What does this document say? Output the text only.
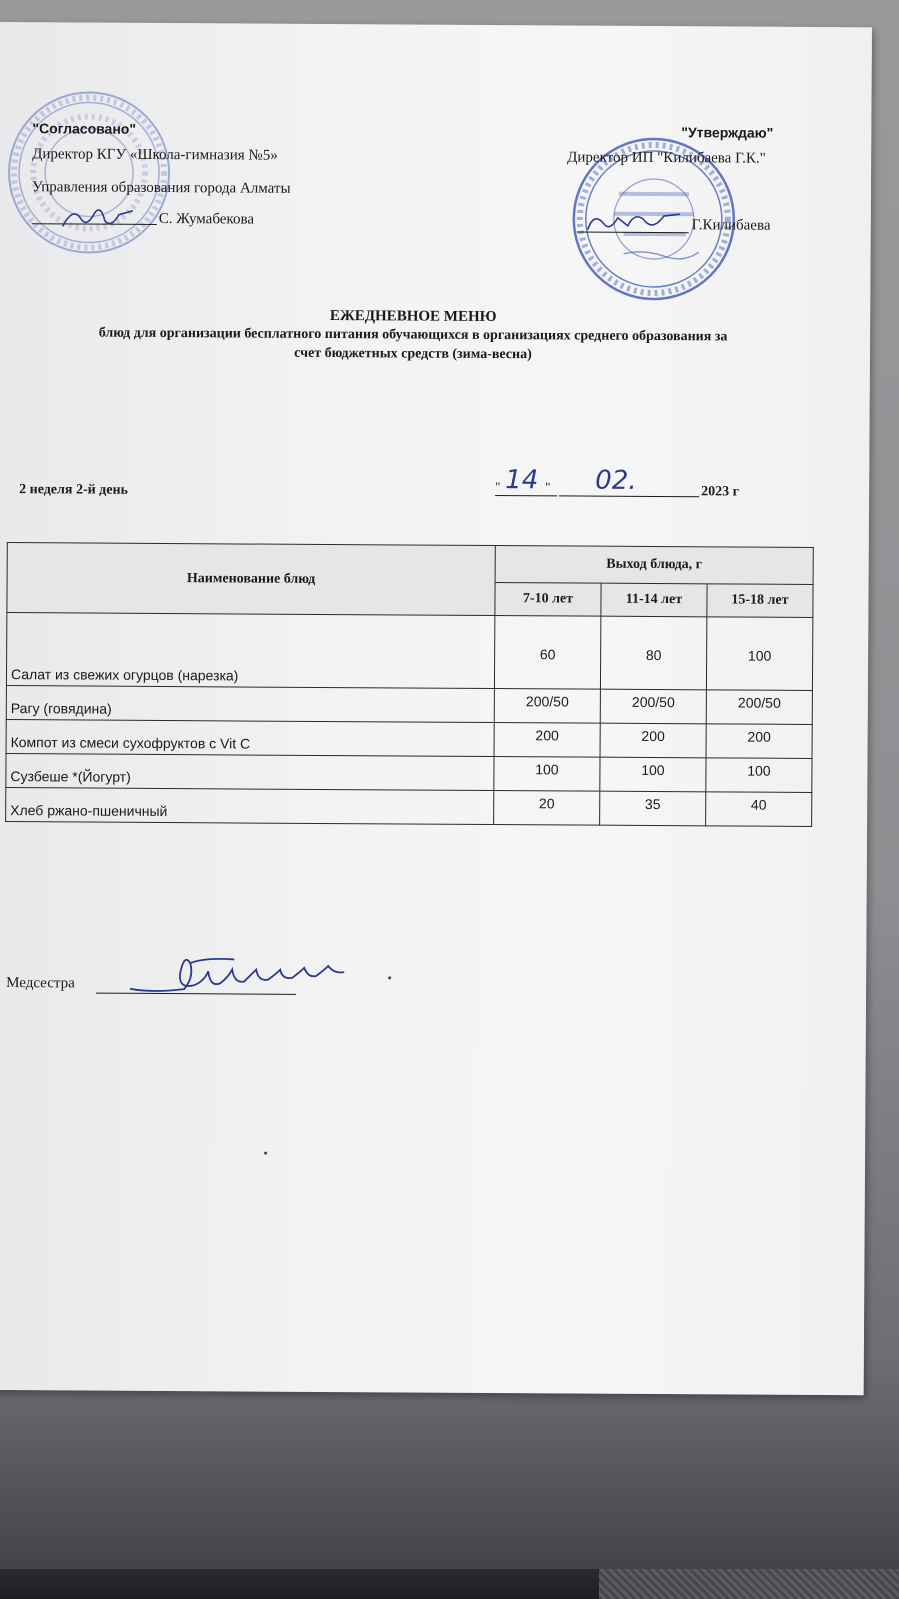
"Согласовано"
Директор КГУ «Школа-гимназия №5»
Управления образования города Алматы
С. Жумабекова
"Утверждаю"
Директор ИП "Килибаева Г.К."
Г.Килибаева
ЕЖЕДНЕВНОЕ МЕНЮ
блюд для организации бесплатного питания обучающихся в организациях среднего образования за
счет бюджетных средств (зима-весна)
2 неделя 2-й день	" 14 " 02.	2023 г
Наименование блюд	Выход блюда, г		
	7-10 лет	11-14 лет	15-18 лет
Салат из свежих огурцов (нарезка)	60	80	100
Рагу (говядина)	200/50	200/50	200/50
Компот из смеси сухофруктов с Vit C	200	200	200
Сузбеше *(Йогурт)	100	100	100
Хлеб ржано-пшеничный	20	35	40
Медсестра
